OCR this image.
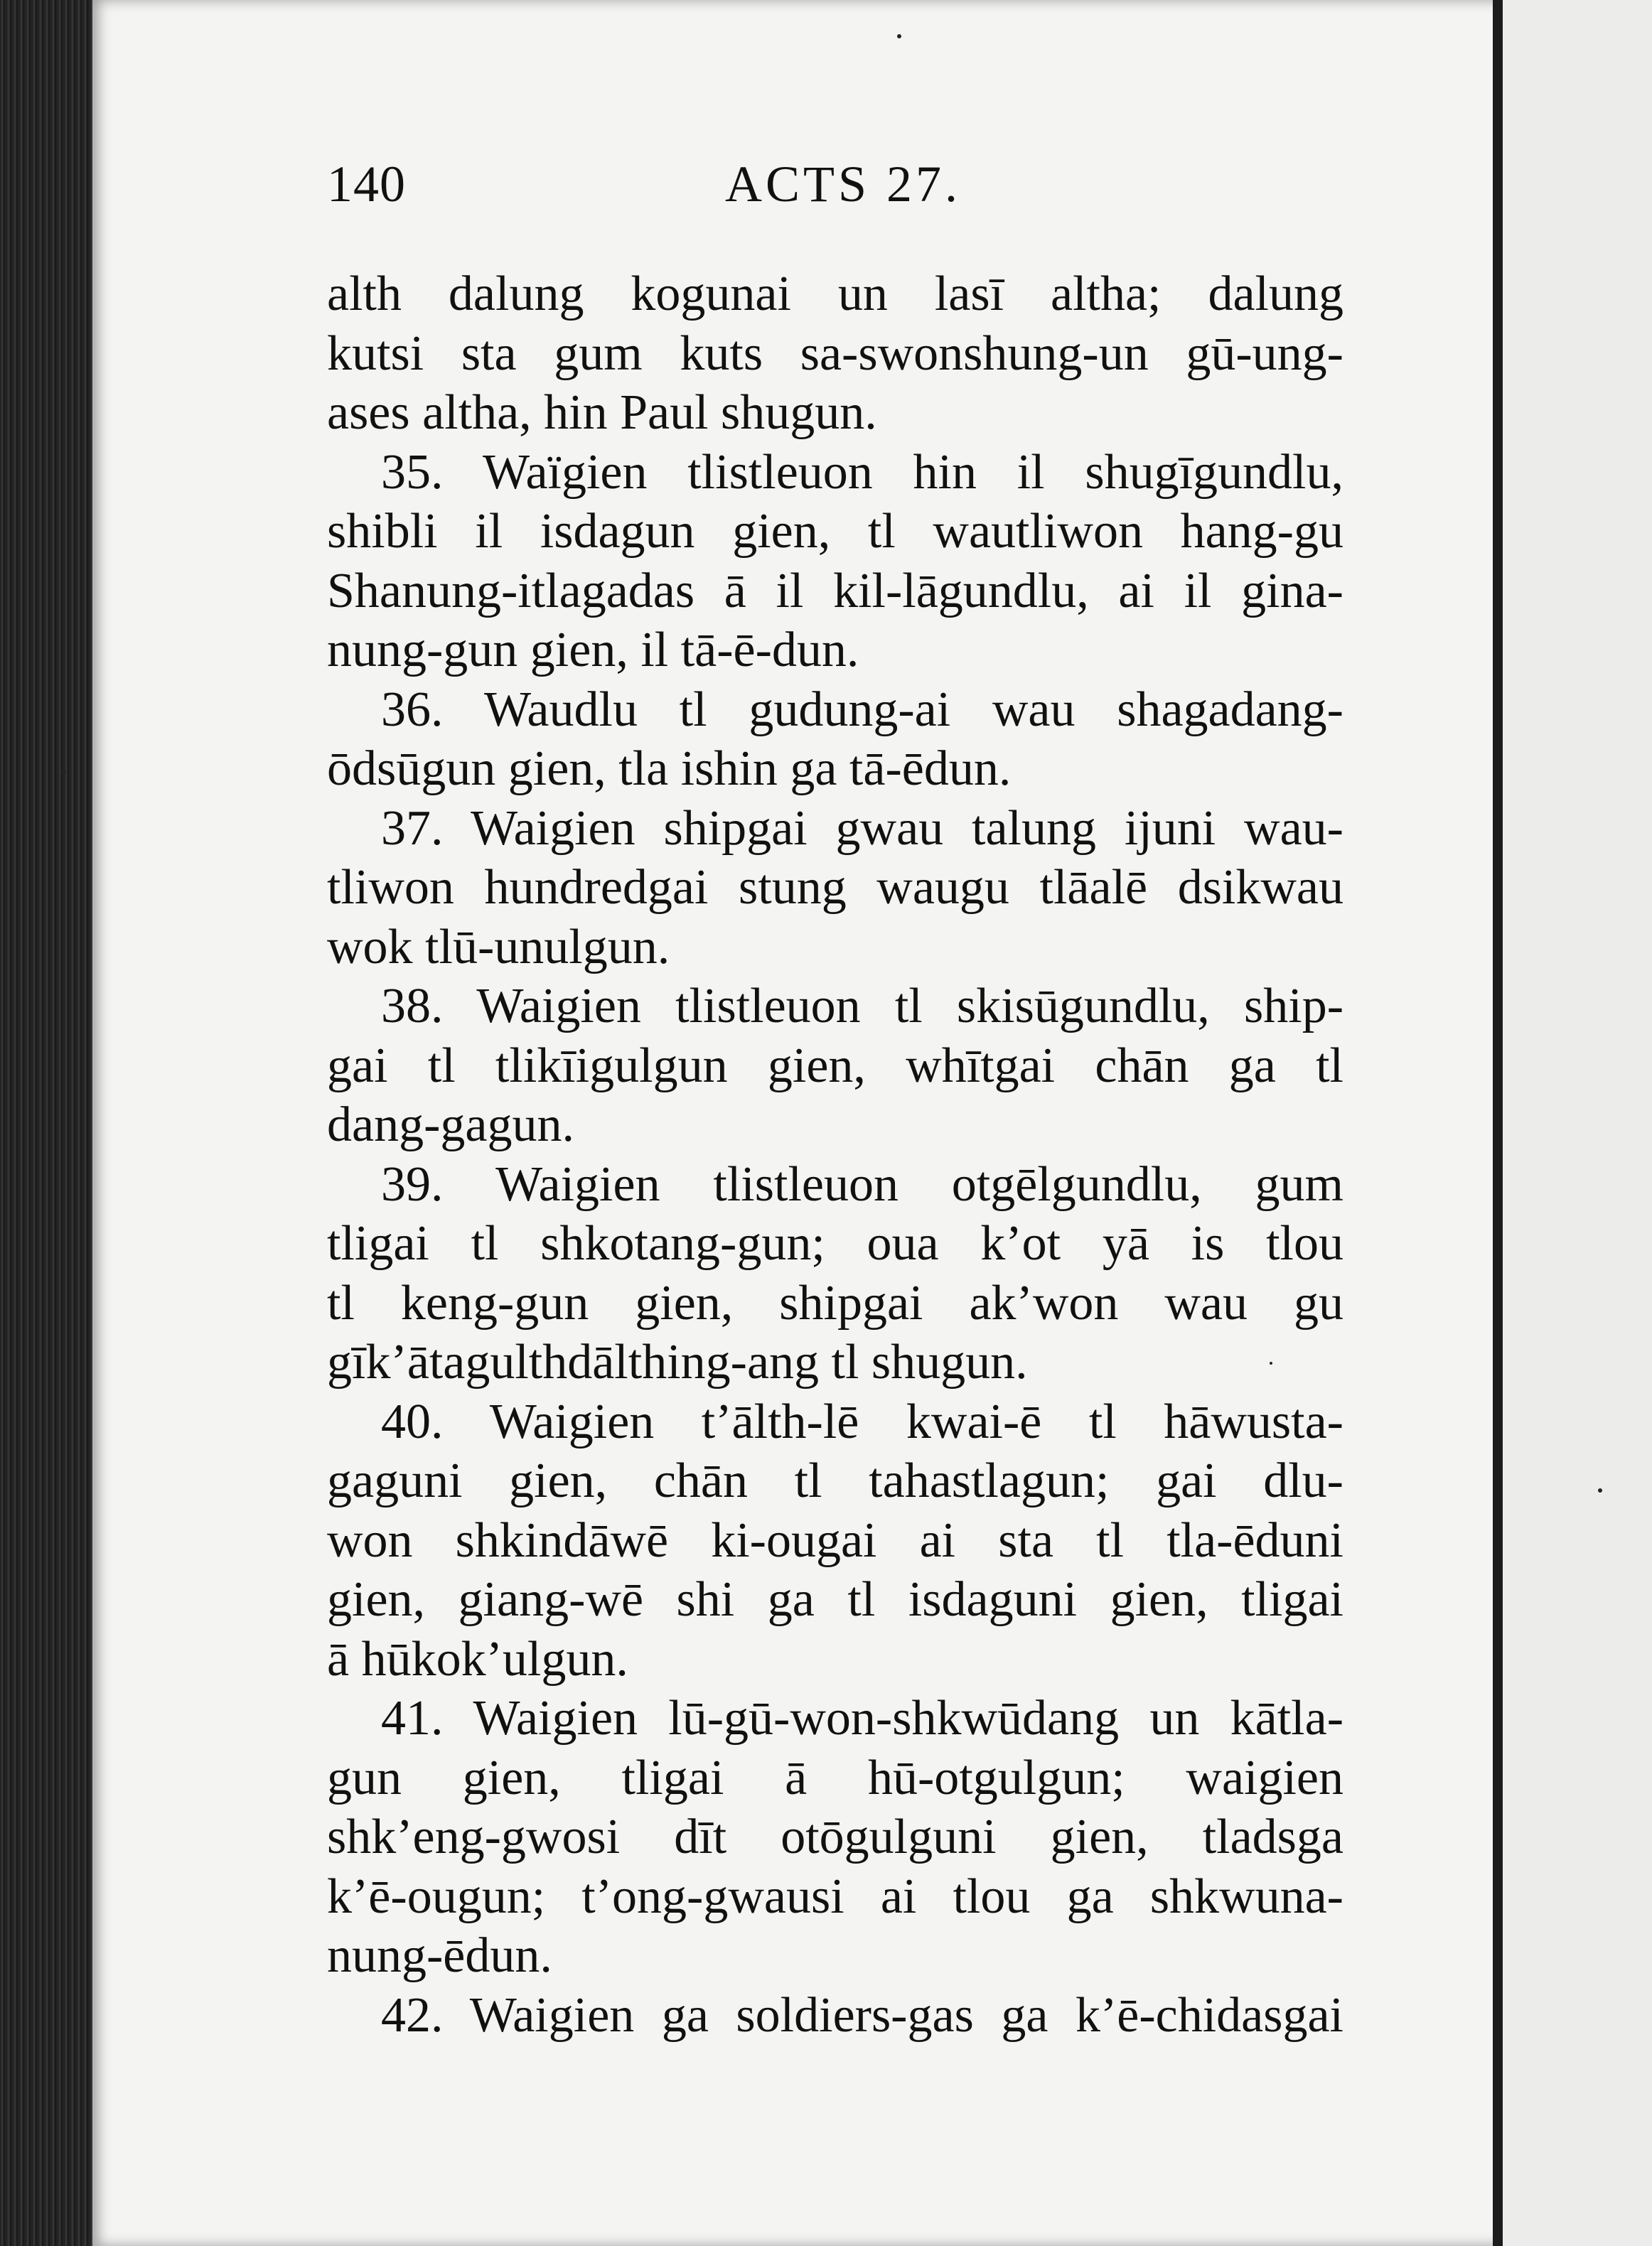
140	ACTS 27.
alth dalung kogunai un lasī altha; dalung
kutsi sta gum kuts sa-swonshung-un gū-ung-
ases altha, hin Paul shugun.
35. Waïgien tlistleuon hin il shugīgundlu,
shibli il isdagun gien, tl wautliwon hang-gu
Shanung-itlagadas ā il kil-lāgundlu, ai il gina-
nung-gun gien, il tā-ē-dun.
36. Waudlu tl gudung-ai wau shagadang-
ōdsūgun gien, tla ishin ga tā-ēdun.
37. Waigien shipgai gwau talung ijuni wau-
tliwon hundredgai stung waugu tlāalē dsikwau
wok tlū-unulgun.
38. Waigien tlistleuon tl skisūgundlu, ship-
gai tl tlikīigulgun gien, whītgai chān ga tl
dang-gagun.
39. Waigien tlistleuon otgēlgundlu, gum
tligai tl shkotang-gun; oua k’ot yā is tlou
tl keng-gun gien, shipgai ak’won wau gu
gīk’ātagulthdālthing-ang tl shugun.
40. Waigien t’ālth-lē kwai-ē tl hāwusta-
gaguni gien, chān tl tahastlagun; gai dlu-
won shkindāwē ki-ougai ai sta tl tla-ēduni
gien, giang-wē shi ga tl isdaguni gien, tligai
ā hūkok’ulgun.
41. Waigien lū-gū-won-shkwūdang un kātla-
gun gien, tligai ā hū-otgulgun; waigien
shk’eng-gwosi dīt otōgulguni gien, tladsga
k’ē-ougun; t’ong-gwausi ai tlou ga shkwuna-
nung-ēdun.
42. Waigien ga soldiers-gas ga k’ē-chidasgai
